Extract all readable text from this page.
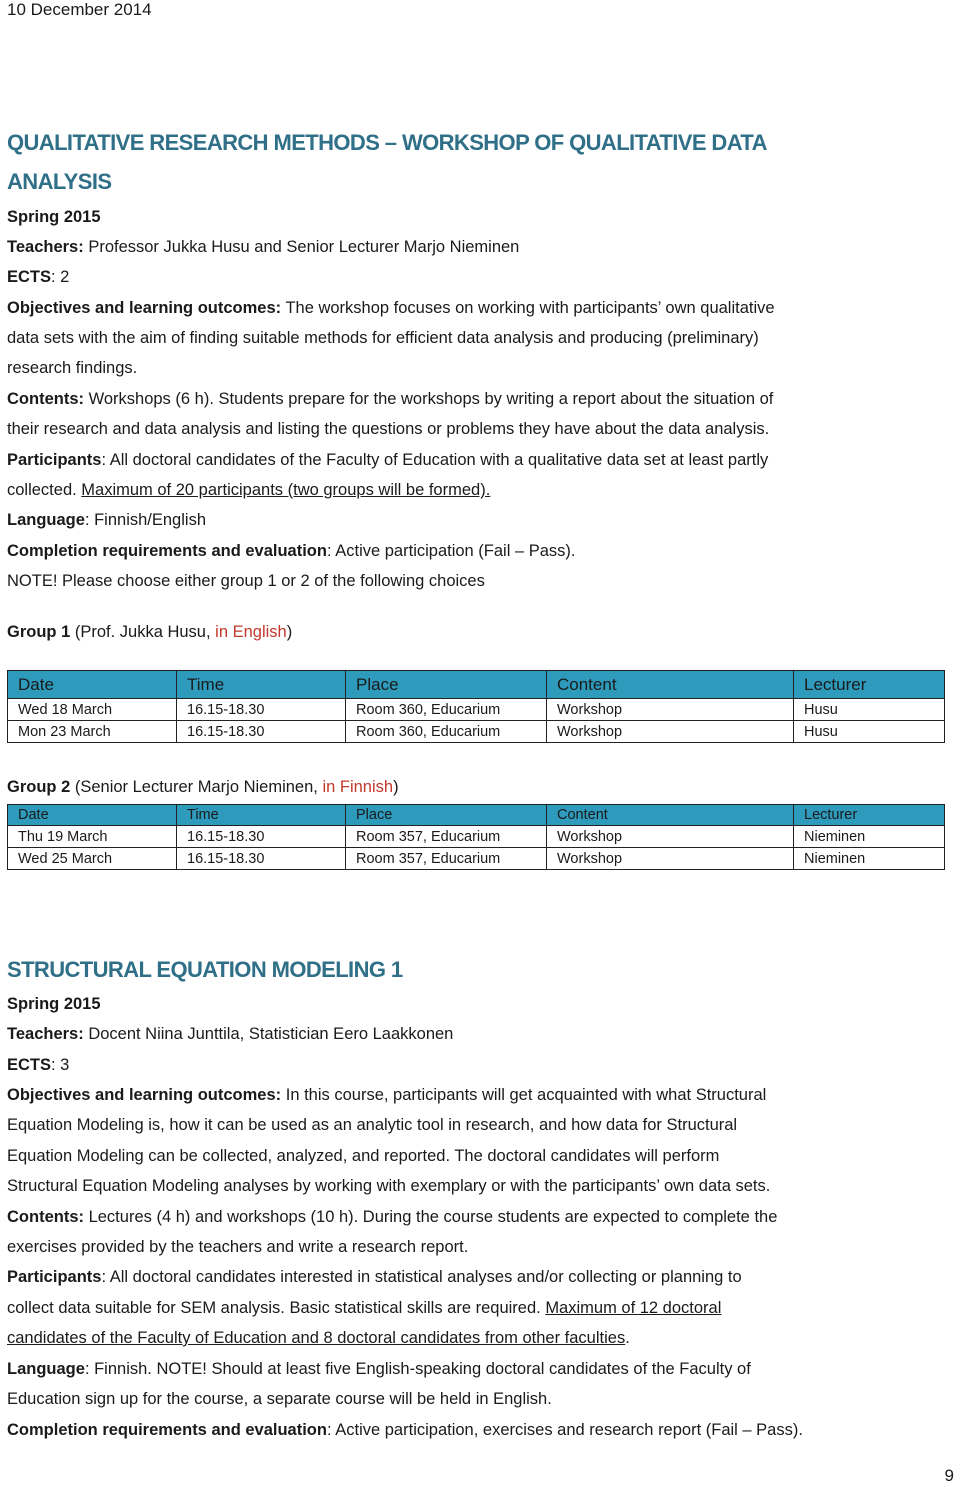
10 December 2014
QUALITATIVE RESEARCH METHODS – WORKSHOP OF QUALITATIVE DATA
ANALYSIS
Spring 2015
Teachers: Professor Jukka Husu and Senior Lecturer Marjo Nieminen
ECTS: 2
Objectives and learning outcomes: The workshop focuses on working with participants’ own qualitative
data sets with the aim of finding suitable methods for efficient data analysis and producing (preliminary)
research findings.
Contents: Workshops (6 h). Students prepare for the workshops by writing a report about the situation of
their research and data analysis and listing the questions or problems they have about the data analysis.
Participants: All doctoral candidates of the Faculty of Education with a qualitative data set at least partly
collected. Maximum of 20 participants (two groups will be formed).
Language: Finnish/English
Completion requirements and evaluation: Active participation (Fail – Pass).
NOTE! Please choose either group 1 or 2 of the following choices
Group 1 (Prof. Jukka Husu, in English)
Date	Time	Place	Content	Lecturer
Wed 18 March	16.15-18.30	Room 360, Educarium	Workshop	Husu
Mon 23 March	16.15-18.30	Room 360, Educarium	Workshop	Husu
Group 2 (Senior Lecturer Marjo Nieminen, in Finnish)
Date	Time	Place	Content	Lecturer
Thu 19 March	16.15-18.30	Room 357, Educarium	Workshop	Nieminen
Wed 25 March	16.15-18.30	Room 357, Educarium	Workshop	Nieminen
STRUCTURAL EQUATION MODELING 1
Spring 2015
Teachers: Docent Niina Junttila, Statistician Eero Laakkonen
ECTS: 3
Objectives and learning outcomes: In this course, participants will get acquainted with what Structural
Equation Modeling is, how it can be used as an analytic tool in research, and how data for Structural
Equation Modeling can be collected, analyzed, and reported. The doctoral candidates will perform
Structural Equation Modeling analyses by working with exemplary or with the participants’ own data sets.
Contents: Lectures (4 h) and workshops (10 h). During the course students are expected to complete the
exercises provided by the teachers and write a research report.
Participants: All doctoral candidates interested in statistical analyses and/or collecting or planning to
collect data suitable for SEM analysis. Basic statistical skills are required. Maximum of 12 doctoral
candidates of the Faculty of Education and 8 doctoral candidates from other faculties.
Language: Finnish. NOTE! Should at least five English-speaking doctoral candidates of the Faculty of
Education sign up for the course, a separate course will be held in English.
Completion requirements and evaluation: Active participation, exercises and research report (Fail – Pass).
9
